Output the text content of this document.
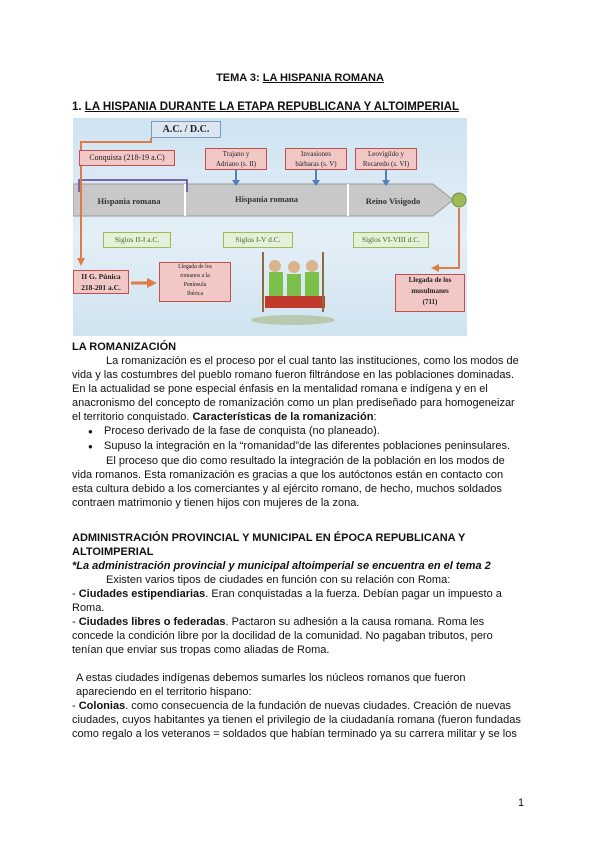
TEMA 3: LA HISPANIA ROMANA
1. LA HISPANIA DURANTE LA ETAPA REPUBLICANA Y ALTOIMPERIAL
A.C. / D.C.
Conquista (218-19 a.C)	Trajano y
Adriano (s. II)
Invasiones
bárbaras (s. V)
Leovigildo y
Recaredo (s. VI)
Hispania romana	Hispania romana	Reino Visigodo
Siglos II-I a.C.	Siglos I-V d.C.	Siglos VI-VIII d.C.
II G. Púnica
218-201 a.C.
Llegada de los
romanos a la
Península
Ibérica
Llegada de los
musulmanes
(711)
LA ROMANIZACIÓN
La romanización es el proceso por el cual tanto las instituciones, como los modos de
vida y las costumbres del pueblo romano fueron filtrándose en las poblaciones dominadas.
En la actualidad se pone especial énfasis en la mentalidad romana e indígena y en el
anacronismo del concepto de romanización como un plan prediseñado para homogeneizar
el territorio conquistado. Características de la romanización:
● Proceso derivado de la fase de conquista (no planeado).
● Supuso la integración en la “romanidad”de las diferentes poblaciones peninsulares.
El proceso que dio como resultado la integración de la población en los modos de
vida romanos. Esta romanización es gracias a que los autóctonos están en contacto con
esta cultura debido a los comerciantes y al ejército romano, de hecho, muchos soldados
contraen matrimonio y tienen hijos con mujeres de la zona.
ADMINISTRACIÓN PROVINCIAL Y MUNICIPAL EN ÉPOCA REPUBLICANA Y
ALTOIMPERIAL
*La administración provincial y municipal altoimperial se encuentra en el tema 2
Existen varios tipos de ciudades en función con su relación con Roma:
- Ciudades estipendiarias. Eran conquistadas a la fuerza. Debían pagar un impuesto a
Roma.
- Ciudades libres o federadas. Pactaron su adhesión a la causa romana. Roma les
concede la condición libre por la docilidad de la comunidad. No pagaban tributos, pero
tenían que enviar sus tropas como aliadas de Roma.
A estas ciudades indígenas debemos sumarles los núcleos romanos que fueron
apareciendo en el territorio hispano:
- Colonias. como consecuencia de la fundación de nuevas ciudades. Creación de nuevas
ciudades, cuyos habitantes ya tienen el privilegio de la ciudadanía romana (fueron fundadas
como regalo a los veteranos = soldados que habían terminado ya su carrera militar y se los
1
